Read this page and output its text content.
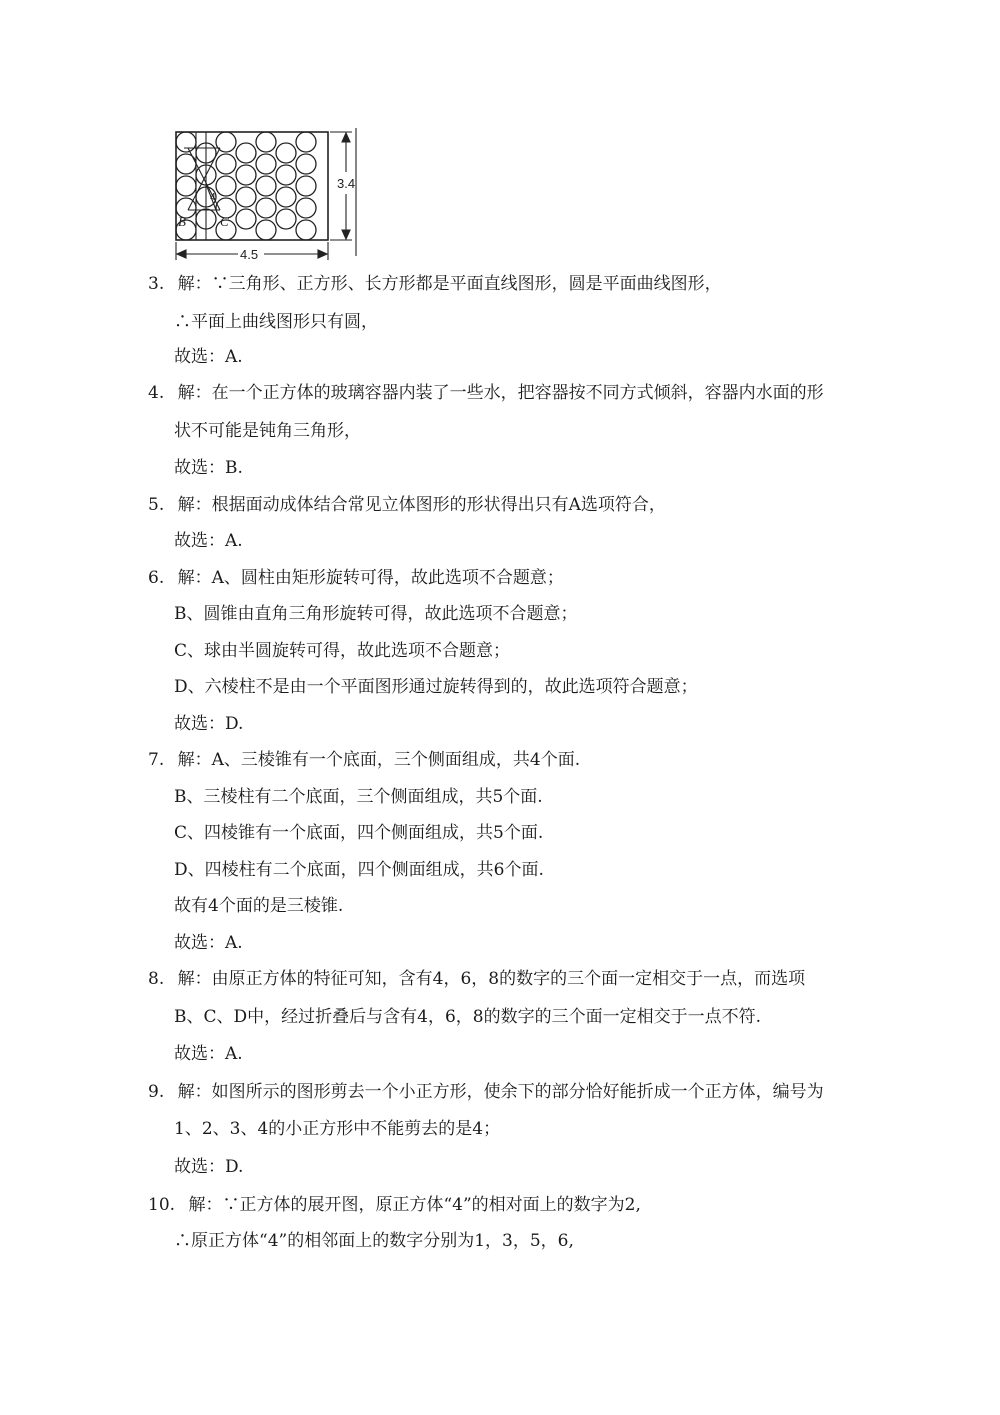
B	C
4
3.4
4.5
3. 解：∵三角形、正方形、长方形都是平面直线图形，圆是平面曲线图形，
∴平面上曲线图形只有圆，
故选：A.
4. 解：在一个正方体的玻璃容器内装了一些水，把容器按不同方式倾斜，容器内水面的形
状不可能是钝角三角形，
故选：B.
5. 解：根据面动成体结合常见立体图形的形状得出只有A选项符合，
故选：A.
6. 解：A、圆柱由矩形旋转可得，故此选项不合题意；
B、圆锥由直角三角形旋转可得，故此选项不合题意；
C、球由半圆旋转可得，故此选项不合题意；
D、六棱柱不是由一个平面图形通过旋转得到的，故此选项符合题意；
故选：D.
7. 解：A、三棱锥有一个底面，三个侧面组成，共4个面.
B、三棱柱有二个底面，三个侧面组成，共5个面.
C、四棱锥有一个底面，四个侧面组成，共5个面.
D、四棱柱有二个底面，四个侧面组成，共6个面.
故有4个面的是三棱锥.
故选：A.
8. 解：由原正方体的特征可知，含有4，6，8的数字的三个面一定相交于一点，而选项
B、C、D中，经过折叠后与含有4，6，8的数字的三个面一定相交于一点不符.
故选：A.
9. 解：如图所示的图形剪去一个小正方形，使余下的部分恰好能折成一个正方体，编号为
1、2、3、4的小正方形中不能剪去的是4；
故选：D.
10. 解：∵正方体的展开图，原正方体“4”的相对面上的数字为2,
∴原正方体“4”的相邻面上的数字分别为1，3，5，6,
